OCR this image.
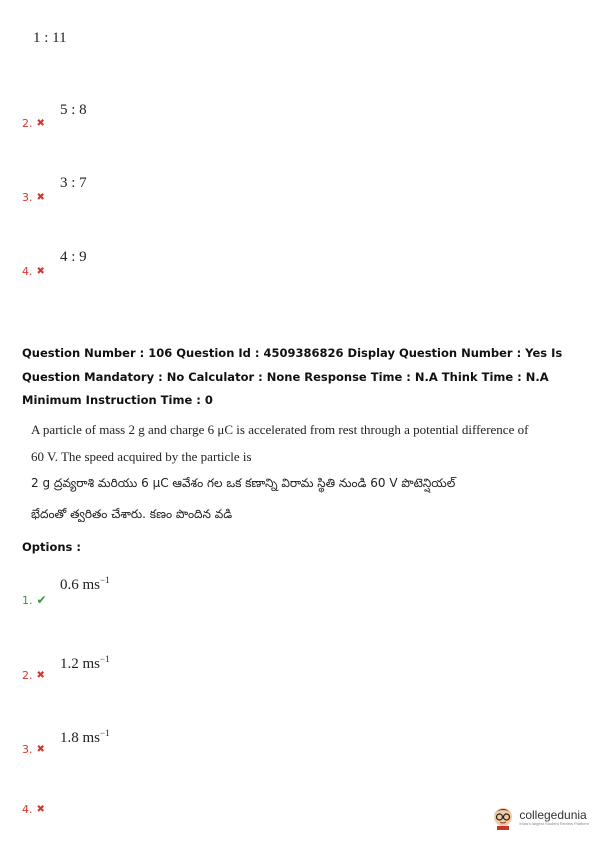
1 : 11
5 : 8
2. ✖
3 : 7
3. ✖
4 : 9
4. ✖
Question Number : 106 Question Id : 4509386826 Display Question Number : Yes Is Question Mandatory : No Calculator : None Response Time : N.A Think Time : N.A Minimum Instruction Time : 0
A particle of mass 2 g and charge 6 μC is accelerated from rest through a potential difference of
60 V. The speed acquired by the particle is
2 g ద్రవ్యరాశి మరియు 6 μC ఆవేశం గల ఒక కణాన్ని విరామ స్థితి నుండి 60 V పొటెన్షియల్
భేదంతో త్వరితం చేశారు. కణం పొందిన వడి
Options :
0.6 $ms^{-1}$
1. ✔
1.2 $ms^{-1}$
2. ✖
1.8 $ms^{-1}$
3. ✖
4. ✖	collegedunia
India's largest Student Review Platform
